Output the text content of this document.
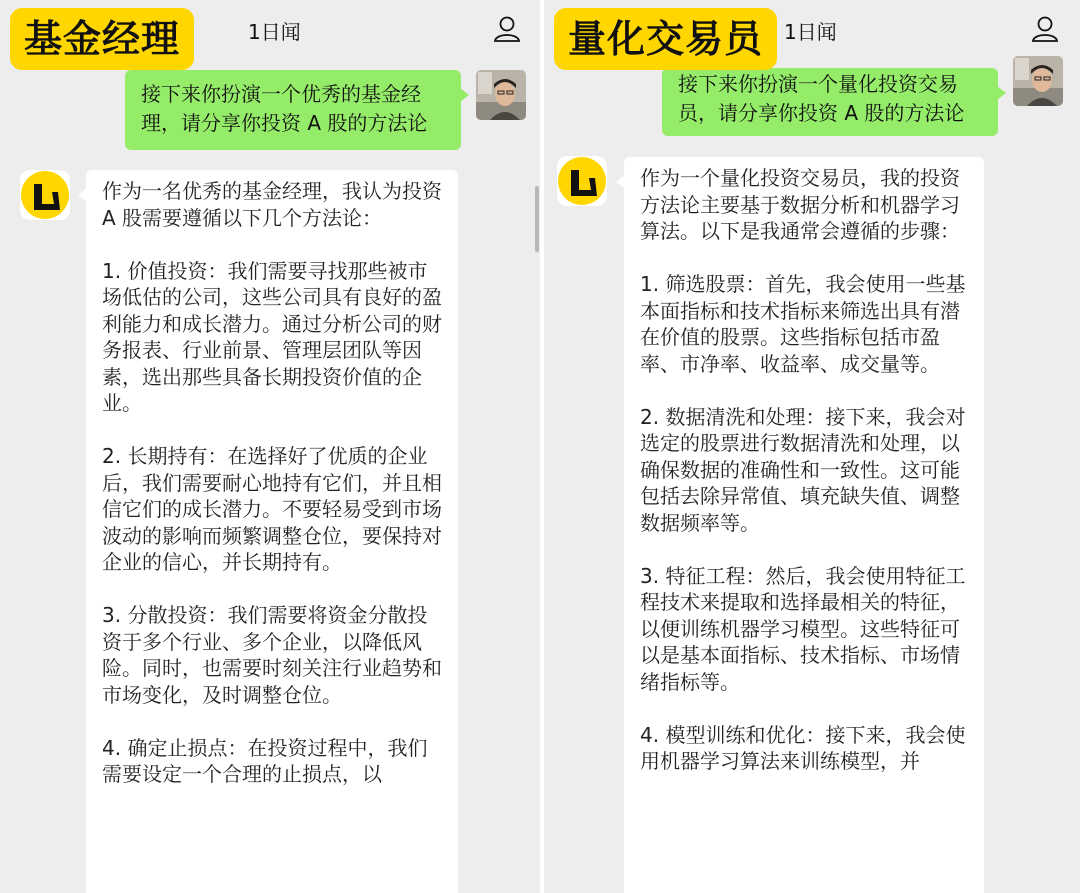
基金经理	1日闻
接下来你扮演一个优秀的基金经理，请分享你投资 A 股的方法论

作为一名优秀的基金经理，我认为投资 A 股需要遵循以下几个方法论：

1. 价值投资：我们需要寻找那些被市场低估的公司，这些公司具有良好的盈利能力和成长潜力。通过分析公司的财务报表、行业前景、管理层团队等因素，选出那些具备长期投资价值的企业。

2. 长期持有：在选择好了优质的企业后，我们需要耐心地持有它们，并且相信它们的成长潜力。不要轻易受到市场波动的影响而频繁调整仓位，要保持对企业的信心，并长期持有。

3. 分散投资：我们需要将资金分散投资于多个行业、多个企业，以降低风险。同时，也需要时刻关注行业趋势和市场变化，及时调整仓位。

4. 确定止损点：在投资过程中，我们需要设定一个合理的止损点，以

量化交易员	1日闻
接下来你扮演一个量化投资交易员，请分享你投资 A 股的方法论

作为一个量化投资交易员，我的投资方法论主要基于数据分析和机器学习算法。以下是我通常会遵循的步骤：

1. 筛选股票：首先，我会使用一些基本面指标和技术指标来筛选出具有潜在价值的股票。这些指标包括市盈率、市净率、收益率、成交量等。

2. 数据清洗和处理：接下来，我会对选定的股票进行数据清洗和处理，以确保数据的准确性和一致性。这可能包括去除异常值、填充缺失值、调整数据频率等。

3. 特征工程：然后，我会使用特征工程技术来提取和选择最相关的特征，以便训练机器学习模型。这些特征可以是基本面指标、技术指标、市场情绪指标等。

4. 模型训练和优化：接下来，我会使用机器学习算法来训练模型，并
